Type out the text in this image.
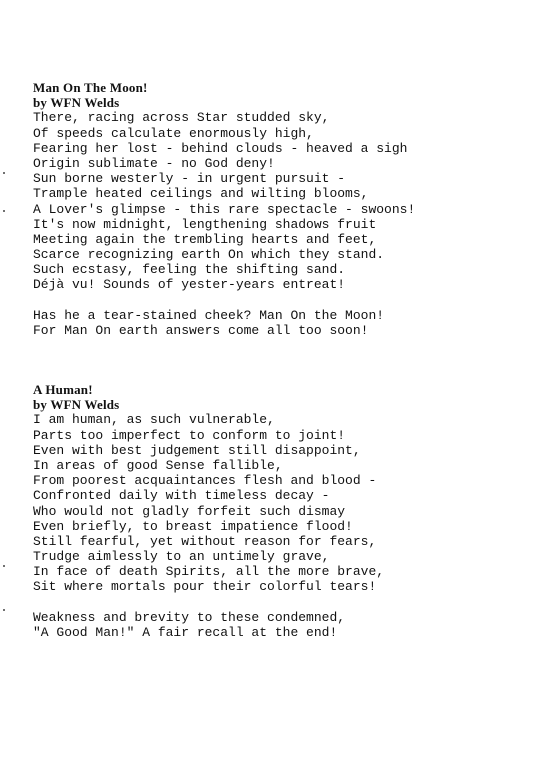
Man On The Moon!
by WFN Welds
There, racing across Star studded sky,
Of speeds calculate enormously high,
Fearing her lost - behind clouds - heaved a sigh
Origin sublimate - no God deny!
Sun borne westerly - in urgent pursuit -
Trample heated ceilings and wilting blooms,
A Lover's glimpse - this rare spectacle - swoons!
It's now midnight, lengthening shadows fruit
Meeting again the trembling hearts and feet,
Scarce recognizing earth On which they stand.
Such ecstasy, feeling the shifting sand.
Déjà vu! Sounds of yester-years entreat!
Has he a tear-stained cheek? Man On the Moon!
For Man On earth answers come all too soon!
A Human!
by WFN Welds
I am human, as such vulnerable,
Parts too imperfect to conform to joint!
Even with best judgement still disappoint,
In areas of good Sense fallible,
From poorest acquaintances flesh and blood -
Confronted daily with timeless decay -
Who would not gladly forfeit such dismay
Even briefly, to breast impatience flood!
Still fearful, yet without reason for fears,
Trudge aimlessly to an untimely grave,
In face of death Spirits, all the more brave,
Sit where mortals pour their colorful tears!
Weakness and brevity to these condemned,
"A Good Man!" A fair recall at the end!
